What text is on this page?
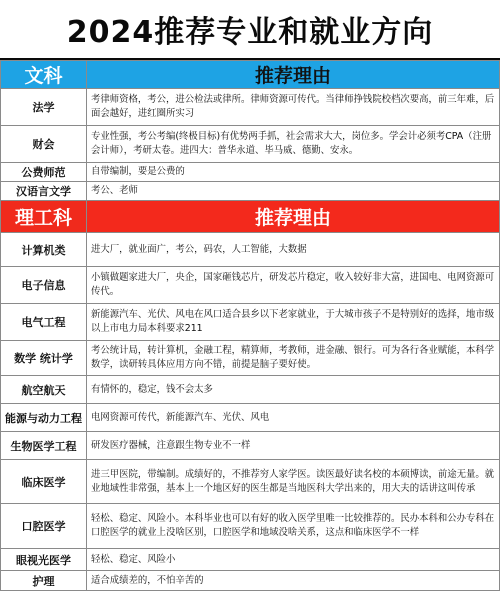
2024推荐专业和就业方向
文科	推荐理由
法学	考律师资格，考公，进公检法或律所。律师资源可传代。当律师挣钱院校档次要高，前三年难，后面会越好，进红圈所实习
财会	专业性强，考公考编(终极目标)有优势两手抓，社会需求大大，岗位多。学会计必须考CPA（注册会计师），考研太卷。进四大：普华永道、毕马威、德勤、安永。
公费师范	自带编制，要是公费的
汉语言文学	考公、老师
理工科	推荐理由
计算机类	进大厂，就业面广，考公，码农，人工智能，大数据
电子信息	小镇做题家进大厂，央企，国家砸钱芯片，研发芯片稳定，收入较好非大富，进国电、电网资源可传代。
电气工程	新能源汽车、光伏、风电在风口适合县乡以下老家就业，于大城市孩子不是特别好的选择，地市级以上市电力局本科要求211
数学 统计学	考公统计局，转计算机，金融工程，精算师，考教师，进金融、银行。可为各行各业赋能，本科学数学，读研转具体应用方向不错，前提是脑子要好使。
航空航天	有情怀的，稳定，钱不会太多
能源与动力工程	电网资源可传代，新能源汽车、光伏、风电
生物医学工程	研发医疗器械，注意跟生物专业不一样
临床医学	进三甲医院，带编制。成绩好的，不推荐穷人家学医。读医最好读名校的本硕博读，前途无量。就业地域性非常强，基本上一个地区好的医生都是当地医科大学出来的，用大夫的话讲这叫传承
口腔医学	轻松、稳定、风险小。本科毕业也可以有好的收入医学里唯一比较推荐的。民办本科和公办专科在口腔医学的就业上没啥区别，口腔医学和地域没啥关系，这点和临床医学不一样
眼视光医学	轻松、稳定、风险小
护理	适合成绩差的，不怕辛苦的
